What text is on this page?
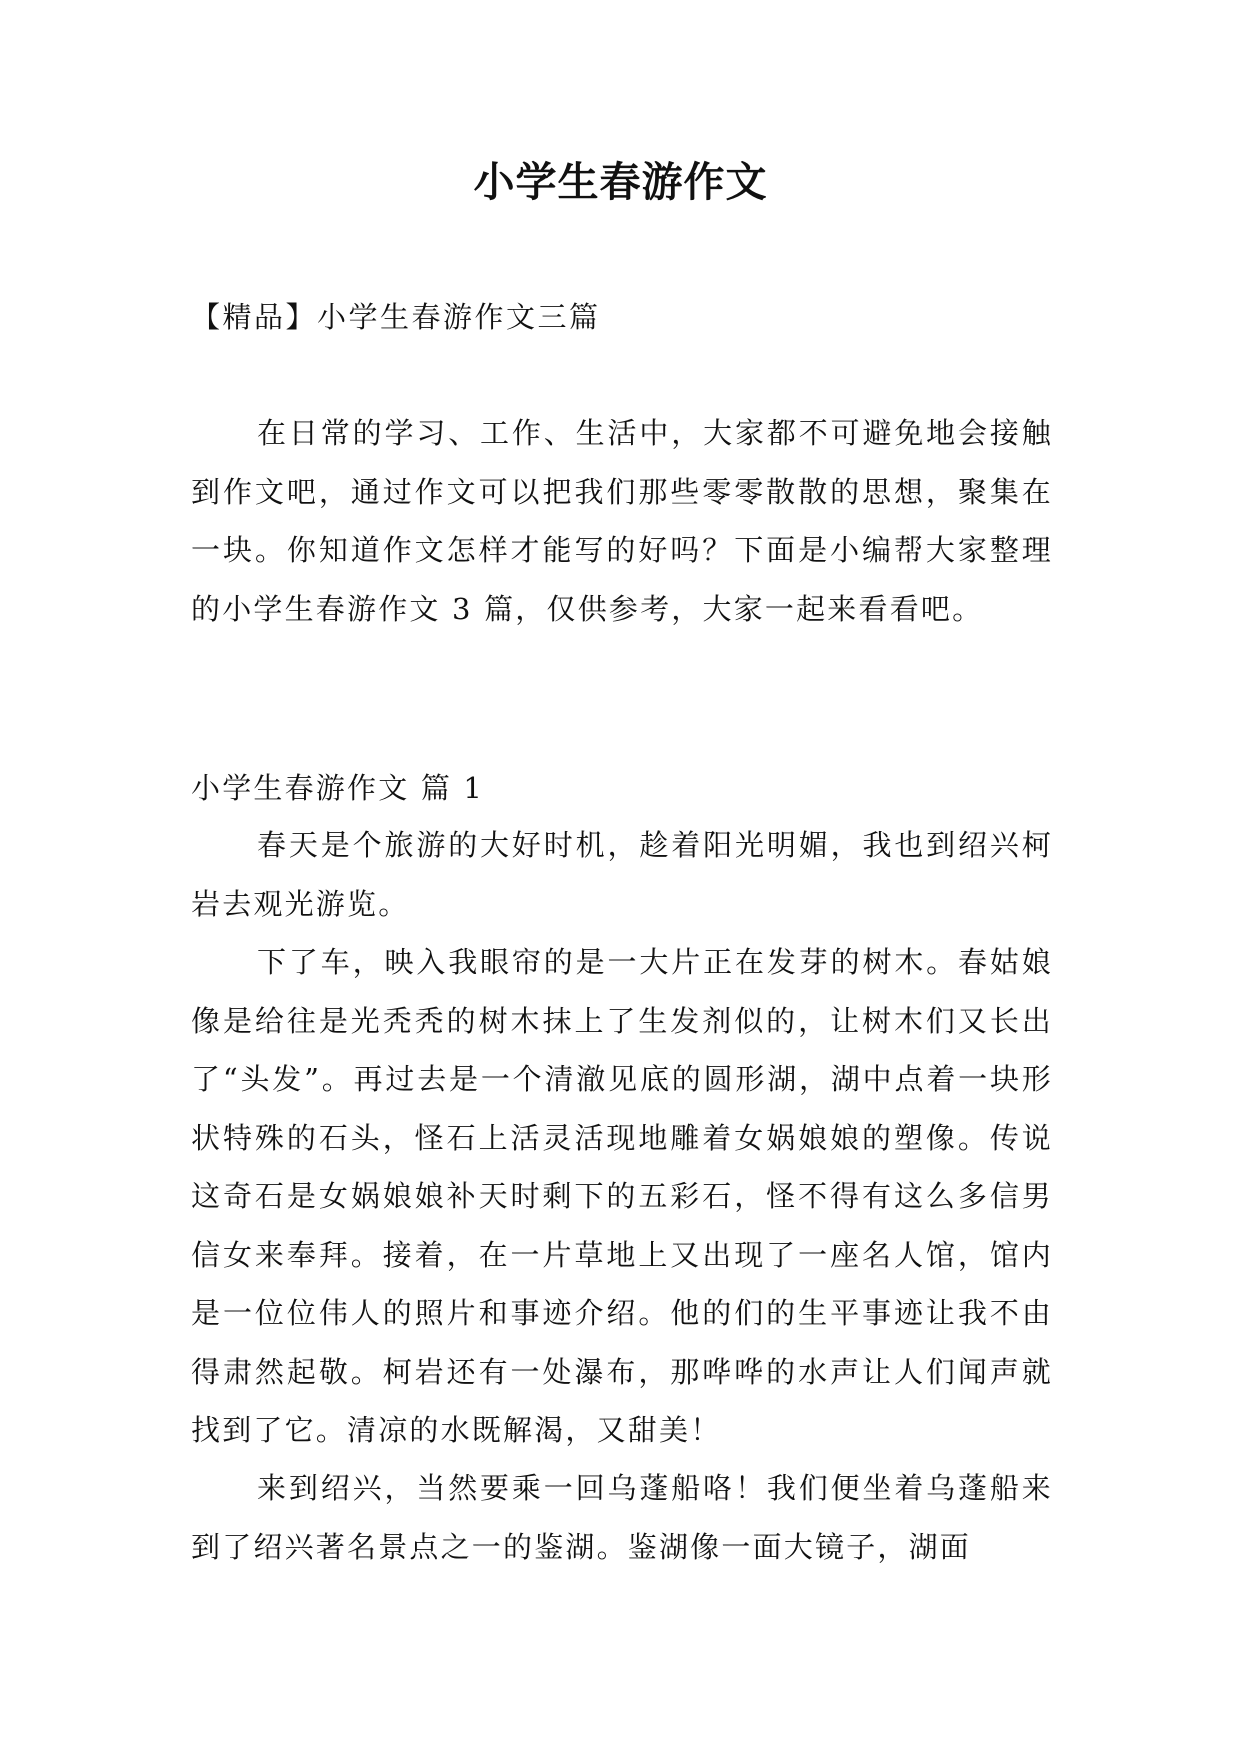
小学生春游作文

【精品】小学生春游作文三篇

在日常的学习、工作、生活中，大家都不可避免地会接触到作文吧，通过作文可以把我们那些零零散散的思想，聚集在一块。你知道作文怎样才能写的好吗？下面是小编帮大家整理的小学生春游作文 3 篇，仅供参考，大家一起来看看吧。

小学生春游作文 篇 1

春天是个旅游的大好时机，趁着阳光明媚，我也到绍兴柯岩去观光游览。

下了车，映入我眼帘的是一大片正在发芽的树木。春姑娘像是给往是光秃秃的树木抹上了生发剂似的，让树木们又长出了“头发”。再过去是一个清澈见底的圆形湖，湖中点着一块形状特殊的石头，怪石上活灵活现地雕着女娲娘娘的塑像。传说这奇石是女娲娘娘补天时剩下的五彩石，怪不得有这么多信男信女来奉拜。接着，在一片草地上又出现了一座名人馆，馆内是一位位伟人的照片和事迹介绍。他的们的生平事迹让我不由得肃然起敬。柯岩还有一处瀑布，那哗哗的水声让人们闻声就找到了它。清凉的水既解渴，又甜美！

来到绍兴，当然要乘一回乌蓬船咯！我们便坐着乌蓬船来到了绍兴著名景点之一的鉴湖。鉴湖像一面大镜子，湖面
